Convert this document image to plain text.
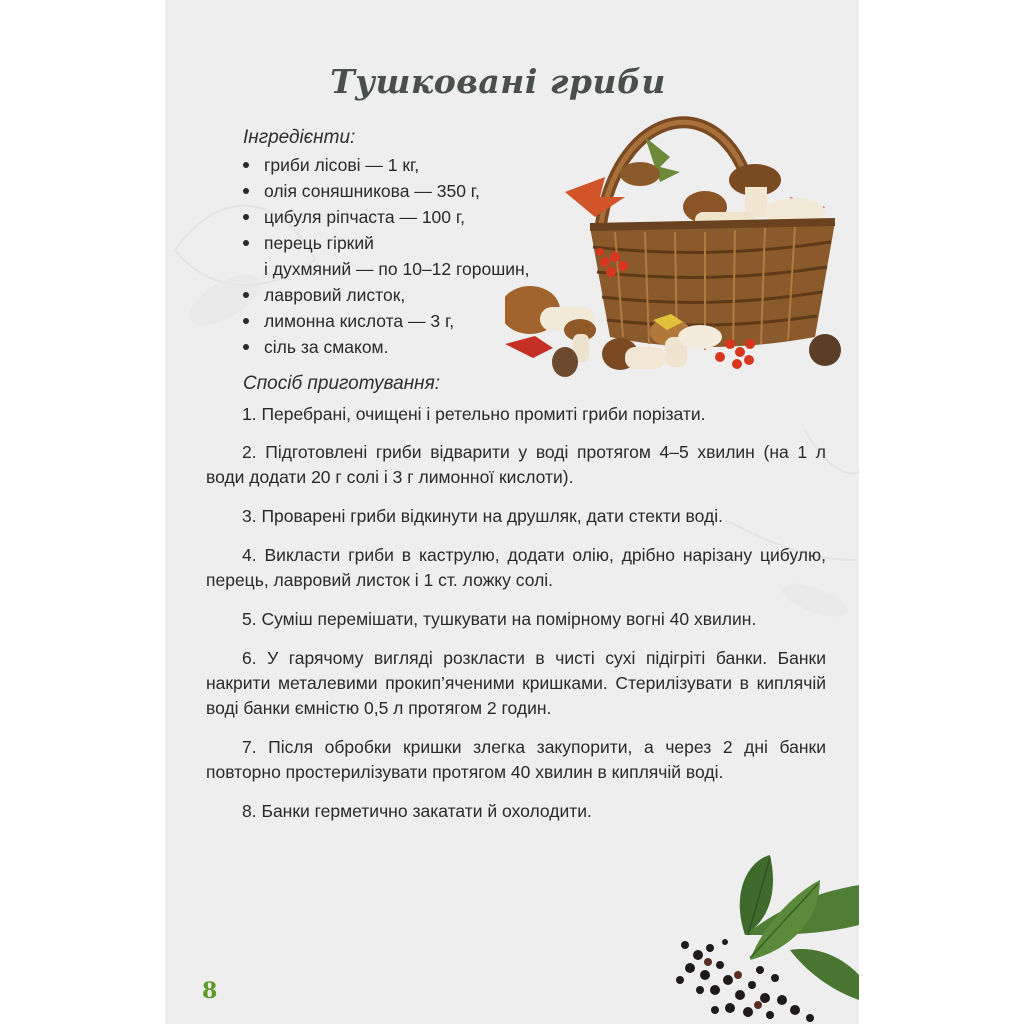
Тушковані гриби
Інгредієнти:
гриби лісові — 1 кг,
олія соняшникова — 350 г,
цибуля ріпчаста — 100 г,
перець гіркий
і духмяний — по 10–12 горошин,
лавровий листок,
лимонна кислота — 3 г,
сіль за смаком.
Спосіб приготування:

1. Перебрані, очищені і ретельно промиті гриби порізати.

2. Підготовлені гриби відварити у воді протягом 4–5 хвилин (на 1 л води додати 20 г солі і 3 г лимонної кислоти).

3. Проварені гриби відкинути на друшляк, дати стекти воді.

4. Викласти гриби в каструлю, додати олію, дрібно нарізану цибулю, перець, лавровий листок і 1 ст. ложку солі.

5. Суміш перемішати, тушкувати на помірному вогні 40 хвилин.

6. У гарячому вигляді розкласти в чисті сухі підігріті банки. Банки накрити металевими прокип’яченими кришками. Стерилізувати в киплячій воді банки ємністю 0,5 л протягом 2 годин.

7. Після обробки кришки злегка закупорити, а через 2 дні банки повторно простерилізувати протягом 40 хвилин в киплячій воді.

8. Банки герметично закатати й охолодити.

8
